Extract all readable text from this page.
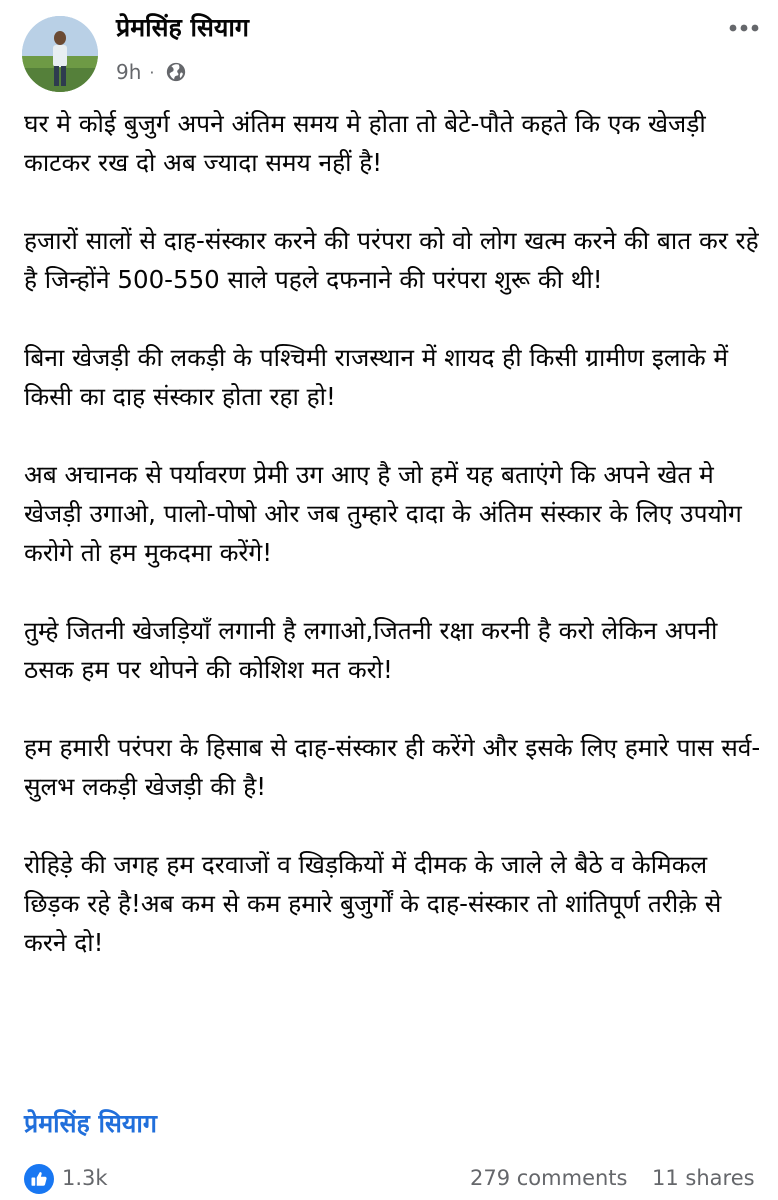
प्रेमसिंह सियाग
9h ·

घर मे कोई बुजुर्ग अपने अंतिम समय मे होता तो बेटे-पौते कहते कि एक खेजड़ी काटकर रख दो अब ज्यादा समय नहीं है!

हजारों सालों से दाह-संस्कार करने की परंपरा को वो लोग खत्म करने की बात कर रहे है जिन्होंने 500-550 साले पहले दफनाने की परंपरा शुरू की थी!

बिना खेजड़ी की लकड़ी के पश्चिमी राजस्थान में शायद ही किसी ग्रामीण इलाके में किसी का दाह संस्कार होता रहा हो!

अब अचानक से पर्यावरण प्रेमी उग आए है जो हमें यह बताएंगे कि अपने खेत मे खेजड़ी उगाओ, पालो-पोषो ओर जब तुम्हारे दादा के अंतिम संस्कार के लिए उपयोग करोगे तो हम मुकदमा करेंगे!

तुम्हे जितनी खेजड़ियाँ लगानी है लगाओ,जितनी रक्षा करनी है करो लेकिन अपनी ठसक हम पर थोपने की कोशिश मत करो!

हम हमारी परंपरा के हिसाब से दाह-संस्कार ही करेंगे और इसके लिए हमारे पास सर्व-सुलभ लकड़ी खेजड़ी की है!

रोहिड़े की जगह हम दरवाजों व खिड़कियों में दीमक के जाले ले बैठे व केमिकल छिड़क रहे है!अब कम से कम हमारे बुजुर्गों के दाह-संस्कार तो शांतिपूर्ण तरीक़े से करने दो!

प्रेमसिंह सियाग
1.3k	279 comments 11 shares
